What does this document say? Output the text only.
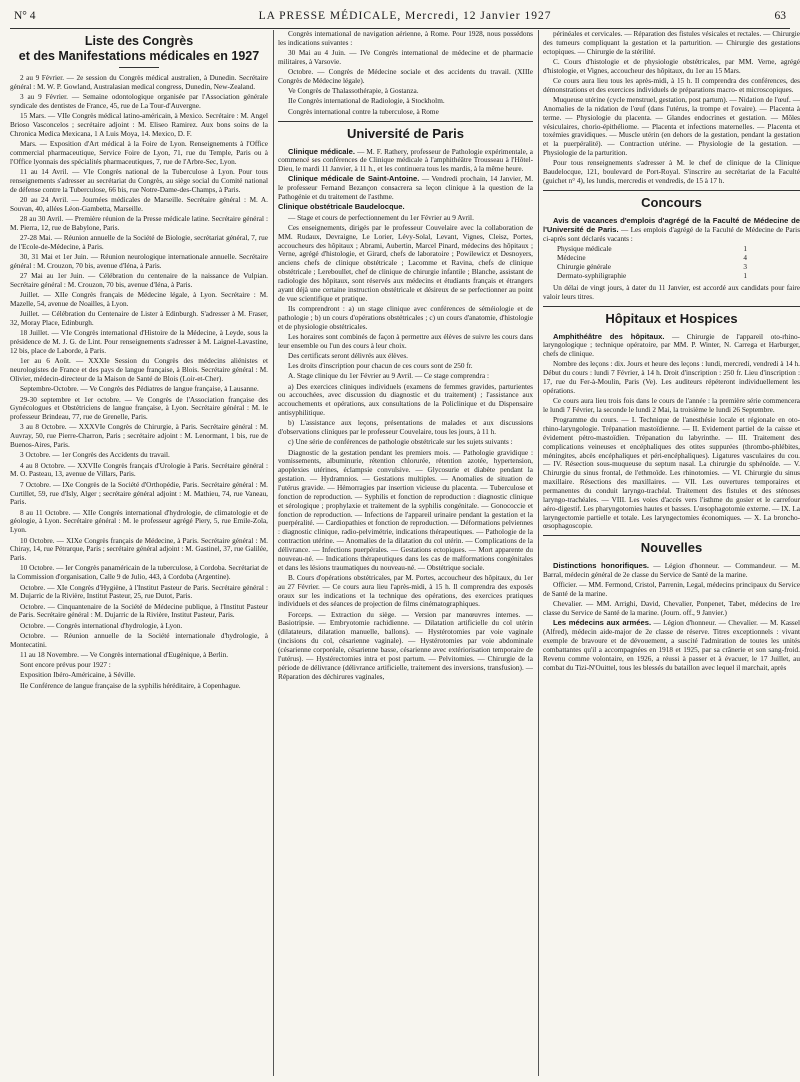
N° 4	LA PRESSE MÉDICALE, Mercredi, 12 Janvier 1927	63
Liste des Congrès
et des Manifestations médicales en 1927

2 au 9 Février. — 2e session du Congrès médical australien, à Dunedin. Secrétaire général : M. W. P. Gowland, Australasian medical congress, Dunedin, New-Zealand.

3 au 9 Février. — Semaine odontologique organisée par l'Association générale syndicale des dentistes de France, 45, rue de La Tour-d'Auvergne.

15 Mars. — VIIe Congrès médical latino-américain, à Mexico. Secrétaire : M. Angel Brioso Vasconcelos ; secrétaire adjoint : M. Eliseo Ramirez. Aux bons soins de la Chronica Medica Mexicana, 1 A Luis Moya, 14. Mexico, D. F.

Mars. — Exposition d'Art médical à la Foire de Lyon. Renseignements à l'Office commercial pharmaceutique, Service Foire de Lyon, 71, rue du Temple, Paris ou à l'Office lyonnais des spécialités pharmaceutiques, 7, rue de l'Arbre-Sec, Lyon.

11 au 14 Avril. — VIe Congrès national de la Tuberculose à Lyon. Pour tous renseignements s'adresser au secrétariat du Congrès, au siège social du Comité national de défense contre la Tuberculose, 66 bis, rue Notre-Dame-des-Champs, à Paris.

20 au 24 Avril. — Journées médicales de Marseille. Secrétaire général : M. A. Souvan, 40, allées Léon-Gambetta, Marseille.

28 au 30 Avril. — Première réunion de la Presse médicale latine. Secrétaire général : M. Pierra, 12, rue de Babylone, Paris.

27-28 Mai. — Réunion annuelle de la Société de Biologie, secrétariat général, 7, rue de l'Ecole-de-Médecine, à Paris.

30, 31 Mai et 1er Juin. — Réunion neurologique internationale annuelle. Secrétaire général : M. Crouzon, 70 bis, avenue d'Iéna, à Paris.

27 Mai au 1er Juin. — Célébration du centenaire de la naissance de Vulpian. Secrétaire général : M. Crouzon, 70 bis, avenue d'Iéna, à Paris.

Juillet. — XIIe Congrès français de Médecine légale, à Lyon. Secrétaire : M. Mazelle, 54, avenue de Noailles, à Lyon.

Juillet. — Célébration du Centenaire de Lister à Edinburgh. S'adresser à M. Fraser, 32, Moray Place, Edinburgh.

18 Juillet. — VIe Congrès international d'Histoire de la Médecine, à Leyde, sous la présidence de M. J. G. de Lint. Pour renseignements s'adresser à M. Laignel-Lavastine, 12 bis, place de Laborde, à Paris.

1er au 6 Août. — XXXIe Session du Congrès des médecins aliénistes et neurologistes de France et des pays de langue française, à Blois. Secrétaire général : M. Olivier, médecin-directeur de la Maison de Santé de Blois (Loir-et-Cher).

Septembre-Octobre. — Ve Congrès des Pédiatres de langue française, à Lausanne.

29-30 septembre et 1er octobre. — Ve Congrès de l'Association française des Gynécologues et Obstétriciens de langue française, à Lyon. Secrétaire général : M. le professeur Brindeau, 77, rue de Grenelle, Paris.

3 au 8 Octobre. — XXXVIe Congrès de Chirurgie, à Paris. Secrétaire général : M. Auvray, 50, rue Pierre-Charron, Paris ; secrétaire adjoint : M. Lenormant, 1 bis, rue de Buenos-Aires, Paris.

3 Octobre. — 1er Congrès des Accidents du travail.

4 au 8 Octobre. — XXVIIe Congrès français d'Urologie à Paris. Secrétaire général : M. O. Pasteau, 13, avenue de Villars, Paris.

7 Octobre. — IXe Congrès de la Société d'Orthopédie, Paris. Secrétaire général : M. Curtillet, 59, rue d'Isly, Alger ; secrétaire général adjoint : M. Mathieu, 74, rue Vaneau, Paris.

8 au 11 Octobre. — XIIe Congrès international d'hydrologie, de climatologie et de géologie, à Lyon. Secrétaire général : M. le professeur agrégé Piery, 5, rue Emile-Zola, Lyon.

10 Octobre. — XIXe Congrès français de Médecine, à Paris. Secrétaire général : M. Chiray, 14, rue Pétrarque, Paris ; secrétaire général adjoint : M. Gastinel, 37, rue Galilée, Paris.

10 Octobre. — Ier Congrès panaméricain de la tuberculose, à Cordoba. Secrétariat de la Commission d'organisation, Calle 9 de Julio, 443, à Cordoba (Argentine).

Octobre. — XIe Congrès d'Hygiène, à l'Institut Pasteur de Paris. Secrétaire général : M. Dujarric de la Rivière, Institut Pasteur, 25, rue Dutot, Paris.

Octobre. — Cinquantenaire de la Société de Médecine publique, à l'Institut Pasteur de Paris. Secrétaire général : M. Dujarric de la Rivière, Institut Pasteur, Paris.

Octobre. — Congrès international d'hydrologie, à Lyon.

Octobre. — Réunion annuelle de la Société internationale d'hydrologie, à Montecatini.

11 au 18 Novembre. — Ve Congrès international d'Eugénique, à Berlin.

Sont encore prévus pour 1927 :

Exposition Ibéro-Américaine, à Séville.

IIe Conférence de langue française de la syphilis héréditaire, à Copenhague.

Congrès international de navigation aérienne, à Rome. Pour 1928, nous possédons les indications suivantes :

30 Mai au 4 Juin. — IVe Congrès international de médecine et de pharmacie militaires, à Varsovie.

Octobre. — Congrès de Médecine sociale et des accidents du travail. (XIIIe Congrès de Médecine légale).

Ve Congrès de Thalassothérapie, à Gostanza.

IIe Congrès international de Radiologie, à Stockholm.

Congrès international contre la tuberculose, à Rome

Université de Paris

Clinique médicale. — M. F. Rathery, professeur de Pathologie expérimentale, a commencé ses conférences de Clinique médicale à l'amphithéâtre Trousseau à l'Hôtel-Dieu, le mardi 11 Janvier, à 11 h., et les continuera tous les mardis, à la même heure.

Clinique médicale de Saint-Antoine. — Vendredi prochain, 14 Janvier, M. le professeur Fernand Bezançon consacrera sa leçon clinique à la question de la Pathogénie et du traitement de l'asthme.

Clinique obstétricale Baudelocque.

— Stage et cours de perfectionnement du 1er Février au 9 Avril.

Ces enseignements, dirigés par le professeur Couvelaire avec la collaboration de MM. Rudaux, Devraigne, Le Lorier, Lévy-Solal, Levant, Vignes, Cleisz, Portes, accoucheurs des hôpitaux ; Abrami, Aubertin, Marcel Pinard, médecins des hôpitaux ; Verne, agrégé d'histologie, et Girard, chefs de laboratoire ; Powilewicz et Desnoyers, anciens chefs de clinique obstétricale ; Lacomme et Ravina, chefs de clinique obstétricale ; Lereboullet, chef de clinique de chirurgie infantile ; Blanche, assistant de radiologie des hôpitaux, sont réservés aux médecins et étudiants français et étrangers ayant déjà une certaine instruction obstétricale et désireux de se perfectionner au point de vue scientifique et pratique.

Ils comprendront : a) un stage clinique avec conférences de séméiologie et de pathologie ; b) un cours d'opérations obstétricales ; c) un cours d'anatomie, d'histologie et de physiologie obstétricales.

Les horaires sont combinés de façon à permettre aux élèves de suivre les cours dans leur ensemble ou l'un des cours à leur choix.

Des certificats seront délivrés aux élèves.

Les droits d'inscription pour chacun de ces cours sont de 250 fr.

A. Stage clinique du 1er Février au 9 Avril. — Ce stage comprendra :

a) Des exercices cliniques individuels (examens de femmes gravides, parturientes ou accouchées, avec discussion du diagnostic et du traitement) ; l'assistance aux accouchements et opérations, aux consultations de la Policlinique et du Dispensaire antisyphilitique.

b) L'assistance aux leçons, présentations de malades et aux discussions d'observations cliniques par le professeur Couvelaire, tous les jours, à 11 h.

c) Une série de conférences de pathologie obstétricale sur les sujets suivants :

Diagnostic de la gestation pendant les premiers mois. — Pathologie gravidique : vomissements, albuminurie, rétention chlorurée, rétention azotée, hypertension, apoplexies utérines, éclampsie convulsive. — Glycosurie et diabète pendant la gestation. — Hydramnios. — Gestations multiples. — Anomalies de situation de l'utérus gravide. — Hémorragies par insertion vicieuse du placenta. — Tuberculose et fonction de reproduction. — Syphilis et fonction de reproduction : diagnostic clinique et sérologique ; prophylaxie et traitement de la syphilis congénitale. — Gonococcie et fonction de reproduction. — Infections de l'appareil urinaire pendant la gestation et la puerpéralité. — Cardiopathies et fonction de reproduction. — Déformations pelviennes : diagnostic clinique, radio-pelvimétrie, indications thérapeutiques. — Pathologie de la contraction utérine. — Anomalies de la dilatation du col utérin. — Complications de la délivrance. — Infections puerpérales. — Gestations ectopiques. — Mort apparente du nouveau-né. — Indications thérapeutiques dans les cas de malformations congénitales et dans les lésions traumatiques du nouveau-né. — Obstétrique sociale.

B. Cours d'opérations obstétricales, par M. Portes, accoucheur des hôpitaux, du 1er au 27 Février. — Ce cours aura lieu l'après-midi, à 15 h. Il comprendra des exposés oraux sur les indications et la technique des opérations, des exercices pratiques individuels et des séances de projection de films cinématographiques.

Forceps. — Extraction du siège. — Version par manœuvres internes. — Basiotripsie. — Embryotomie rachidienne. — Dilatation artificielle du col utérin (dilatateurs, dilatation manuelle, ballons). — Hystérotomies par voie vaginale (incisions du col, césarienne vaginale). — Hystérotomies par voie abdominale (césarienne corporéale, césarienne basse, césarienne avec extériorisation temporaire de l'utérus). — Hystérectomies intra et post partum. — Pelvitomies. — Chirurgie de la période de délivrance (délivrance artificielle, traitement des inversions, transfusion). — Réparation des déchirures vaginales,

périnéales et cervicales. — Réparation des fistules vésicales et rectales. — Chirurgie des tumeurs compliquant la gestation et la parturition. — Chirurgie des gestations ectopiques. — Chirurgie de la stérilité.

C. Cours d'histologie et de physiologie obstétricales, par MM. Verne, agrégé d'histologie, et Vignes, accoucheur des hôpitaux, du 1er au 15 Mars.

Ce cours aura lieu tous les après-midi, à 15 h. Il comprendra des conférences, des démonstrations et des exercices individuels de préparations macro- et microscopiques.

Muqueuse utérine (cycle menstruel, gestation, post partum). — Nidation de l'œuf. — Anomalies de la nidation de l'œuf (dans l'utérus, la trompe et l'ovaire). — Placenta à terme. — Physiologie du placenta. — Glandes endocrines et gestation. — Môles vésiculaires, chorio-épithéliome. — Placenta et infections maternelles. — Placenta et toxémies gravidiques. — Muscle utérin (en dehors de la gestation, pendant la gestation et la puerpéralité). — Contraction utérine. — Physiologie de la gestation. — Physiologie de la parturition.

Pour tous renseignements s'adresser à M. le chef de clinique de la Clinique Baudelocque, 121, boulevard de Port-Royal. S'inscrire au secrétariat de la Faculté (guichet n° 4), les lundis, mercredis et vendredis, de 15 à 17 h.

Concours

Avis de vacances d'emplois d'agrégé de la Faculté de Médecine de l'Université de Paris. — Les emplois d'agrégé de la Faculté de Médecine de Paris ci-après sont déclarés vacants :

Physique médicale	1
Médecine	4
Chirurgie générale	3
Dermato-syphiligraphie	1

Un délai de vingt jours, à dater du 11 Janvier, est accordé aux candidats pour faire valoir leurs titres.

Hôpitaux et Hospices

Amphithéâtre des hôpitaux. — Chirurgie de l'appareil oto-rhino-laryngologique ; technique opératoire, par MM. P. Winter, N. Carrega et Harburger, chefs de clinique.

Nombre des leçons : dix. Jours et heure des leçons : lundi, mercredi, vendredi à 14 h. Début du cours : lundi 7 Février, à 14 h. Droit d'inscription : 250 fr. Lieu d'inscription : 17, rue du Fer-à-Moulin, Paris (Ve). Les auditeurs répéteront individuellement les opérations.

Ce cours aura lieu trois fois dans le cours de l'année : la première série commencera le lundi 7 Février, la seconde le lundi 2 Mai, la troisième le lundi 26 Septembre.

Programme du cours. — I. Technique de l'anesthésie locale et régionale en oto-rhino-laryngologie. Trépanation mastoïdienne. — II. Evidement partiel de la caisse et évidement pétro-mastoïdien. Trépanation du labyrinthe. — III. Traitement des complications veineuses et encéphaliques des otites suppurées (thrombo-phlébites, méningites, abcès encéphaliques et péri-encéphaliques). Ligatures vasculaires du cou. — IV. Résection sous-muqueuse du septum nasal. La chirurgie du sphénoïde. — V. Chirurgie du sinus frontal, de l'ethmoïde. Les rhinotomies. — VI. Chirurgie du sinus maxillaire. Résections des maxillaires. — VII. Les ouvertures temporaires et permanentes du conduit laryngo-trachéal. Traitement des fistules et des sténoses laryngo-trachéales. — VIII. Les voies d'accès vers l'isthme du gosier et le carrefour aéro-digestif. Les pharyngotomies hautes et basses. L'œsophagotomie externe. — IX. La laryngectomie partielle et totale. Les laryngectomies économiques. — X. La broncho-œsophagoscopie.

Nouvelles

Distinctions honorifiques. — Légion d'honneur. — Commandeur. — M. Barral, médecin général de 2e classe du Service de Santé de la marine.

Officier. — MM. Fermond, Cristol, Parrenin, Legal, médecins principaux du Service de Santé de la marine.

Chevalier. — MM. Arrighi, David, Chevalier, Ponpenet, Tabet, médecins de 1re classe du Service de Santé de la marine. (Journ. off., 9 Janvier.)

Les médecins aux armées. — Légion d'honneur. — Chevalier. — M. Kassel (Alfred), médecin aide-major de 2e classe de réserve. Titres exceptionnels : vivant exemple de bravoure et de dévouement, a suscité l'admiration de toutes les unités combattantes qu'il a accompagnées en 1918 et 1925, par sa crânerie et son sang-froid. Revenu comme volontaire, en 1926, a réussi à passer et à évacuer, le 17 Juillet, au combat du Tizi-N'Ouittel, tous les blessés du bataillon avec lequel il marchait, après
